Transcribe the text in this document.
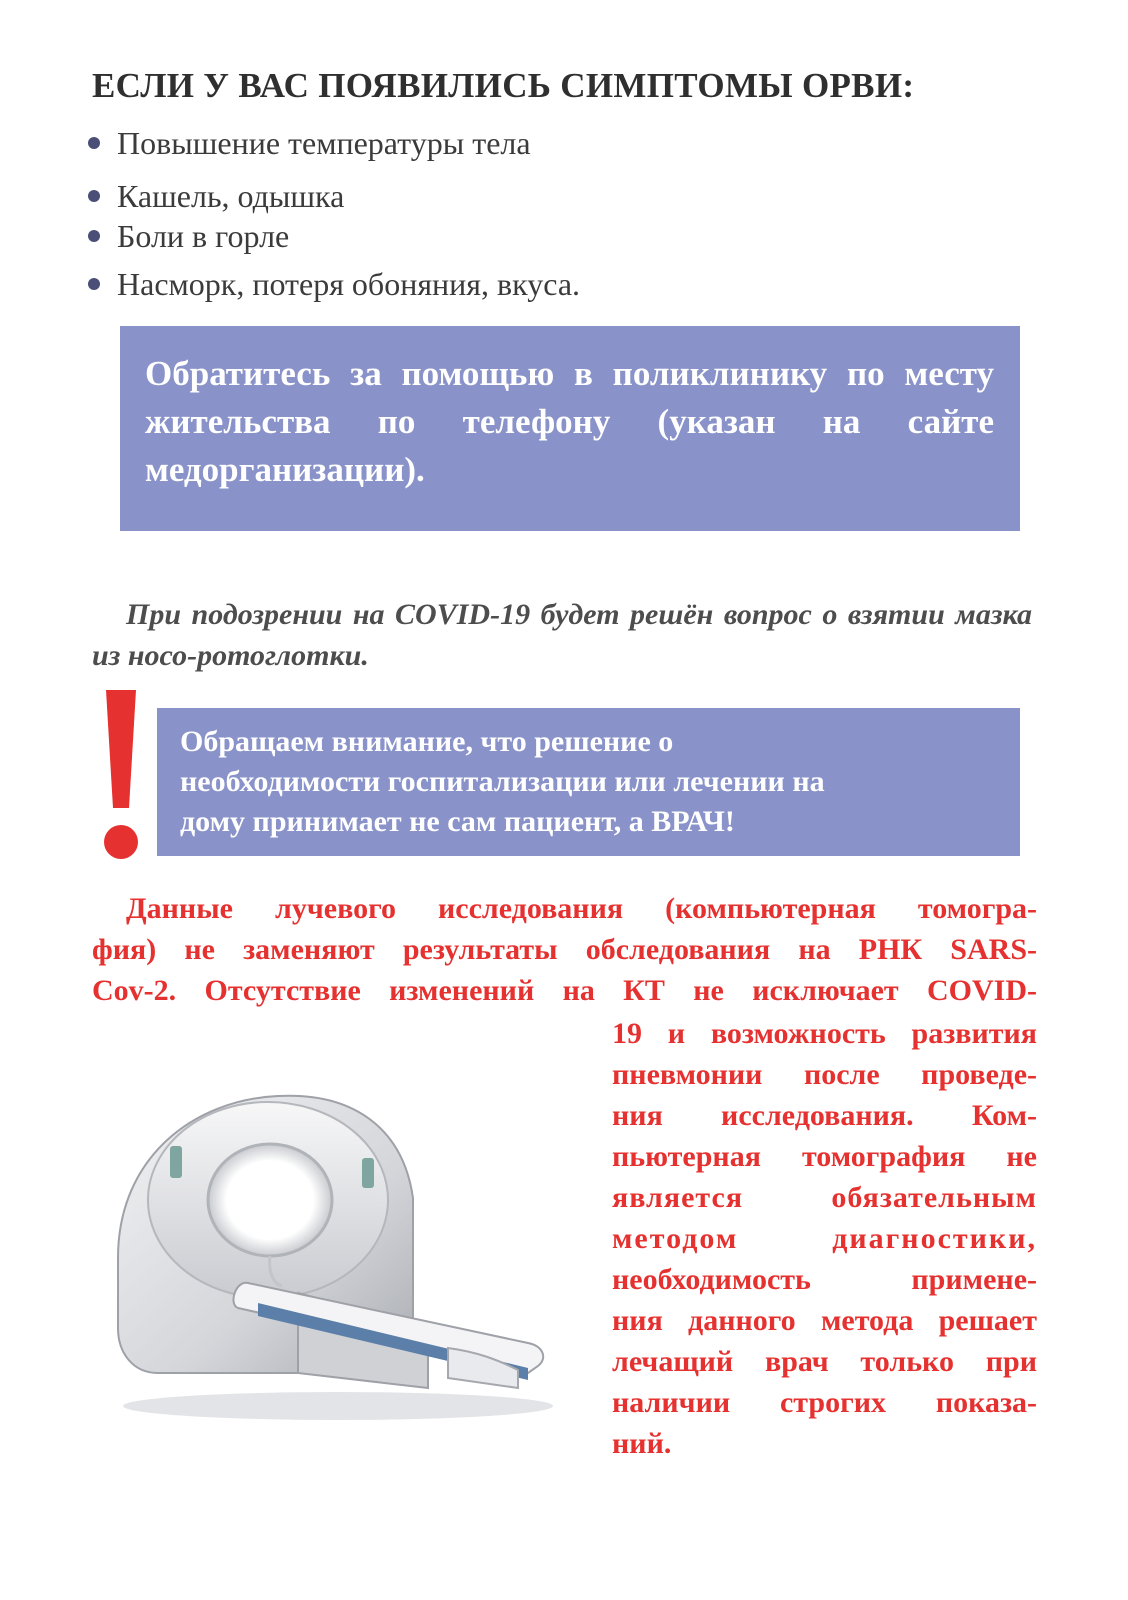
ЕСЛИ У ВАС ПОЯВИЛИСЬ СИМПТОМЫ ОРВИ:
Повышение температуры тела
Кашель, одышка
Боли в горле
Насморк, потеря обоняния, вкуса.

Обратитесь за помощью в поликлинику по месту жительства по телефону (указан на сайте медорганизации).

При подозрении на COVID-19 будет решён вопрос о взятии мазка из носо-ротоглотки.

Обращаем внимание, что решение о

необходимости госпитализации или лечении на

дому принимает не сам пациент, а ВРАЧ!

Данные лучевого исследования (компьютерная томогра-
фия) не заменяют результаты обследования на РНК SARS-
Cov-2. Отсутствие изменений на КТ не исключает COVID-
19 и возможность развития
пневмонии после проведе-
ния исследования. Ком-
пьютерная томография не
является обязательным
методом диагностики,
необходимость примене-
ния данного метода решает
лечащий врач только при
наличии строгих показа-
ний.
